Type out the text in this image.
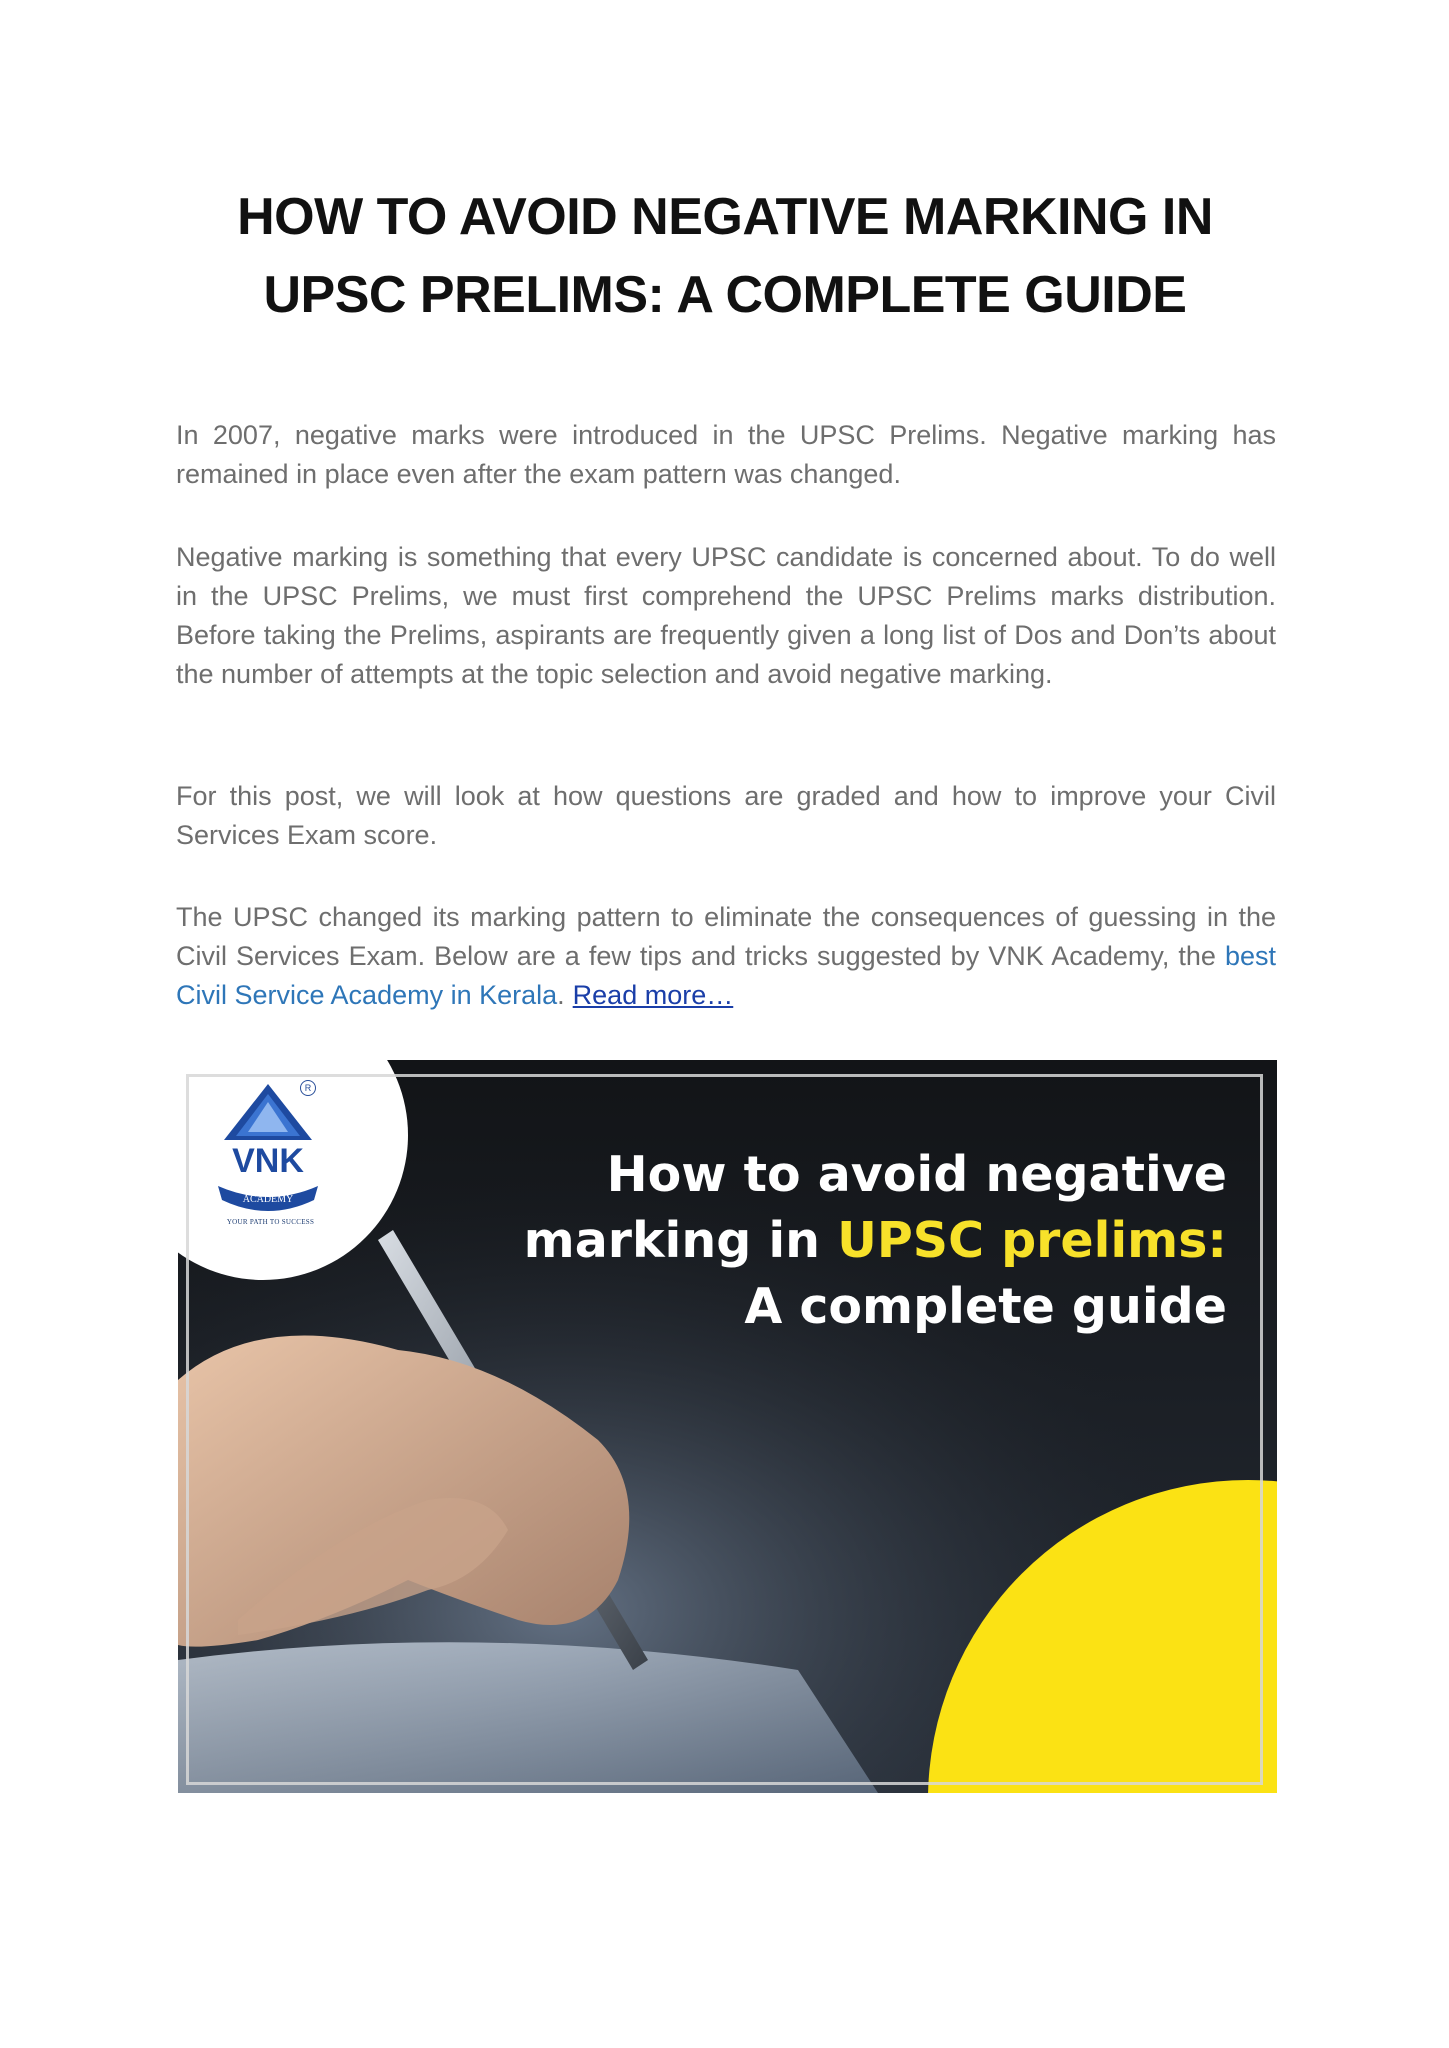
HOW TO AVOID NEGATIVE MARKING IN
UPSC PRELIMS: A COMPLETE GUIDE

In 2007, negative marks were introduced in the UPSC Prelims. Negative marking has remained in place even after the exam pattern was changed.

Negative marking is something that every UPSC candidate is concerned about. To do well in the UPSC Prelims, we must first comprehend the UPSC Prelims marks distribution. Before taking the Prelims, aspirants are frequently given a long list of Dos and Don’ts about the number of attempts at the topic selection and avoid negative marking.

For this post, we will look at how questions are graded and how to improve your Civil Services Exam score.

The UPSC changed its marking pattern to eliminate the consequences of guessing in the Civil Services Exam. Below are a few tips and tricks suggested by VNK Academy, the best Civil Service Academy in Kerala. Read more…

VNK
ACADEMY
R
YOUR PATH TO SUCCESS
How to avoid negative
marking in UPSC prelims:
A complete guide
